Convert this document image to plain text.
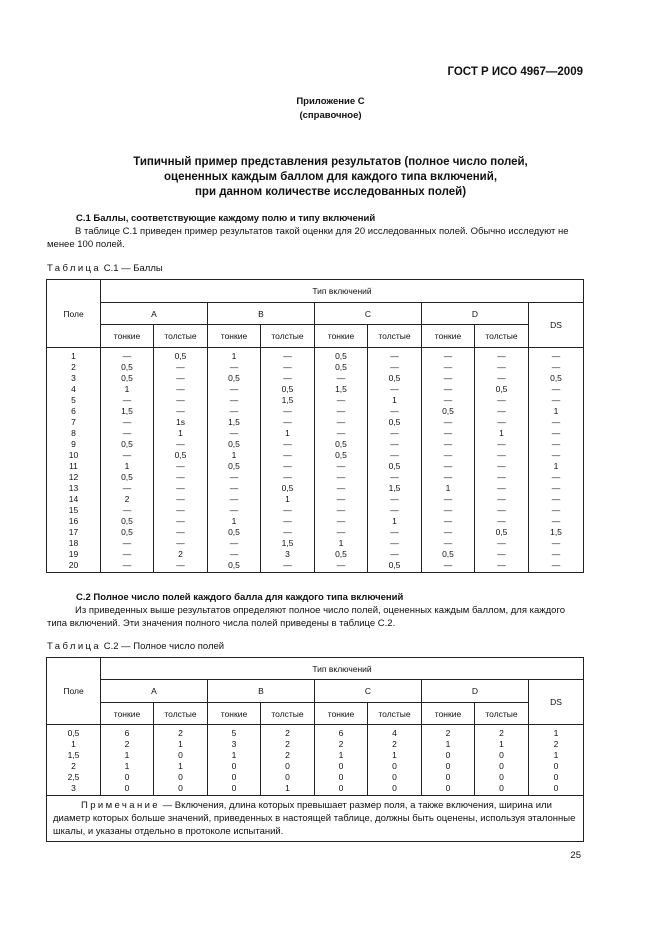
ГОСТ Р ИСО 4967—2009
Приложение С
(справочное)
Типичный пример представления результатов (полное число полей,
оцененных каждым баллом для каждого типа включений,
при данном количестве исследованных полей)
С.1 Баллы, соответствующие каждому полю и типу включений
В таблице С.1 приведен пример результатов такой оценки для 20 исследованных полей. Обычно исследуют не менее 100 полей.
Таблица С.1 — Баллы
Поле	Тип включений								
	A		B		C		D		DS
	тонкие	толстые	тонкие	толстые	тонкие	толстые	тонкие	толстые	
1	—	0,5	1	—	0,5	—	—	—	—
2	0,5	—	—	—	0,5	—	—	—	—
3	0,5	—	0,5	—	—	0,5	—	—	0,5
4	1	—	—	0,5	1,5	—	—	0,5	—
5	—	—	—	1,5	—	1	—	—	—
6	1,5	—	—	—	—	—	0,5	—	1
7	—	1s	1,5	—	—	0,5	—	—	—
8	—	1	—	1	—	—	—	1	—
9	0,5	—	0,5	—	0,5	—	—	—	—
10	—	0,5	1	—	0,5	—	—	—	—
11	1	—	0,5	—	—	0,5	—	—	1
12	0,5	—	—	—	—	—	—	—	—
13	—	—	—	0,5	—	1,5	1	—	—
14	2	—	—	1	—	—	—	—	—
15	—	—	—	—	—	—	—	—	—
16	0,5	—	1	—	—	1	—	—	—
17	0,5	—	0,5	—	—	—	—	0,5	1,5
18	—	—	—	1,5	1	—	—	—	—
19	—	2	—	3	0,5	—	0,5	—	—
20	—	—	0,5	—	—	0,5	—	—	—
С.2 Полное число полей каждого балла для каждого типа включений
Из приведенных выше результатов определяют полное число полей, оцененных каждым баллом, для каждого типа включений. Эти значения полного числа полей приведены в таблице С.2.
Таблица С.2 — Полное число полей
Поле	Тип включений								
	A		B		C		D		DS
	тонкие	толстые	тонкие	толстые	тонкие	толстые	тонкие	толстые	
0,5	6	2	5	2	6	4	2	2	1
1	2	1	3	2	2	2	1	1	2
1,5	1	0	1	2	1	1	0	0	1
2	1	1	0	0	0	0	0	0	0
2,5	0	0	0	0	0	0	0	0	0
3	0	0	0	1	0	0	0	0	0
Примечание — Включения, длина которых превышает размер поля, а также включения, ширина или диаметр которых больше значений, приведенных в настоящей таблице, должны быть оценены, используя эталонные шкалы, и указаны отдельно в протоколе испытаний.									
25
